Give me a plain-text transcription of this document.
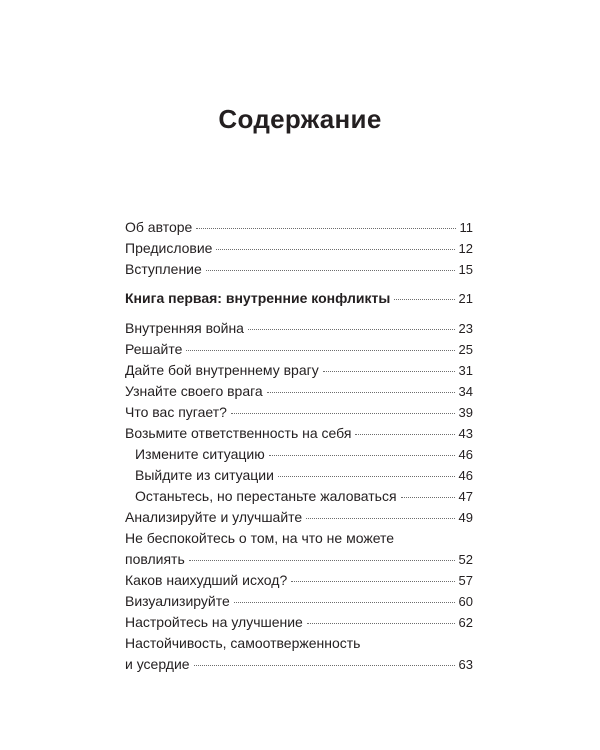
Содержание
Об авторе	11
Предисловие	12
Вступление	15
Книга первая: внутренние конфликты	21
Внутренняя война	23
Решайте	25
Дайте бой внутреннему врагу	31
Узнайте своего врага	34
Что вас пугает?	39
Возьмите ответственность на себя	43
Измените ситуацию	46
Выйдите из ситуации	46
Останьтесь, но перестаньте жаловаться	47
Анализируйте и улучшайте	49
Не беспокойтесь о том, на что не можете
повлиять	52
Каков наихудший исход?	57
Визуализируйте	60
Настройтесь на улучшение	62
Настойчивость, самоотверженность
и усердие	63
